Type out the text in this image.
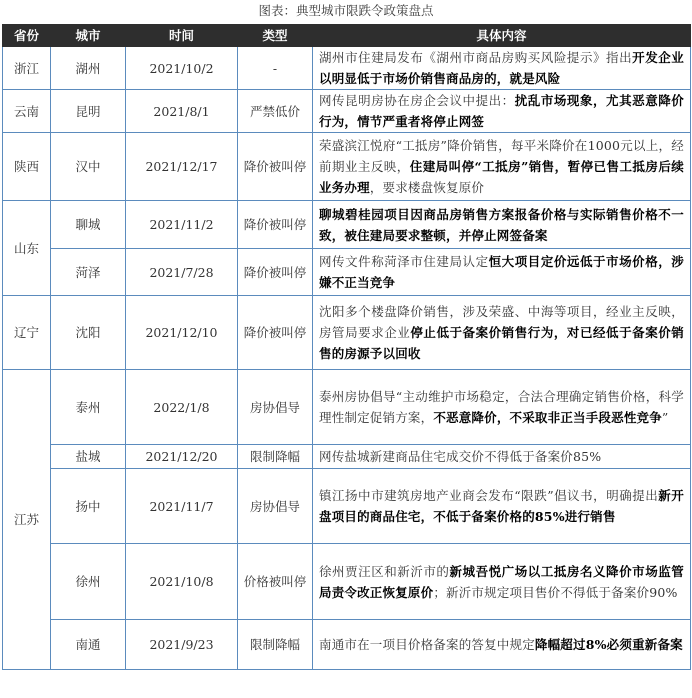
图表：典型城市限跌令政策盘点
省份	城市	时间	类型	具体内容
浙江	湖州	2021/10/2	-	湖州市住建局发布《湖州市商品房购买风险提示》指出开发企业以明显低于市场价销售商品房的，就是风险
云南	昆明	2021/8/1	严禁低价	网传昆明房协在房企会议中提出：扰乱市场现象，尤其恶意降价行为，情节严重者将停止网签
陕西	汉中	2021/12/17	降价被叫停	荣盛滨江悦府“工抵房”降价销售，每平米降价在1000元以上，经前期业主反映，住建局叫停“工抵房”销售，暂停已售工抵房后续业务办理，要求楼盘恢复原价
山东	聊城	2021/11/2	降价被叫停	聊城碧桂园项目因商品房销售方案报备价格与实际销售价格不一致，被住建局要求整顿，并停止网签备案
	菏泽	2021/7/28	降价被叫停	网传文件称菏泽市住建局认定恒大项目定价远低于市场价格，涉嫌不正当竞争
辽宁	沈阳	2021/12/10	降价被叫停	沈阳多个楼盘降价销售，涉及荣盛、中海等项目，经业主反映，房管局要求企业停止低于备案价销售行为，对已经低于备案价销售的房源予以回收
江苏	泰州	2022/1/8	房协倡导	泰州房协倡导“主动维护市场稳定，合法合理确定销售价格，科学理性制定促销方案，不恶意降价，不采取非正当手段恶性竞争”
	盐城	2021/12/20	限制降幅	网传盐城新建商品住宅成交价不得低于备案价85%
	扬中	2021/11/7	房协倡导	镇江扬中市建筑房地产业商会发布“限跌”倡议书，明确提出新开盘项目的商品住宅，不低于备案价格的85%进行销售
	徐州	2021/10/8	价格被叫停	徐州贾汪区和新沂市的新城吾悦广场以工抵房名义降价市场监管局责令改正恢复原价；新沂市规定项目售价不得低于备案价90%
	南通	2021/9/23	限制降幅	南通市在一项目价格备案的答复中规定降幅超过8%必须重新备案
